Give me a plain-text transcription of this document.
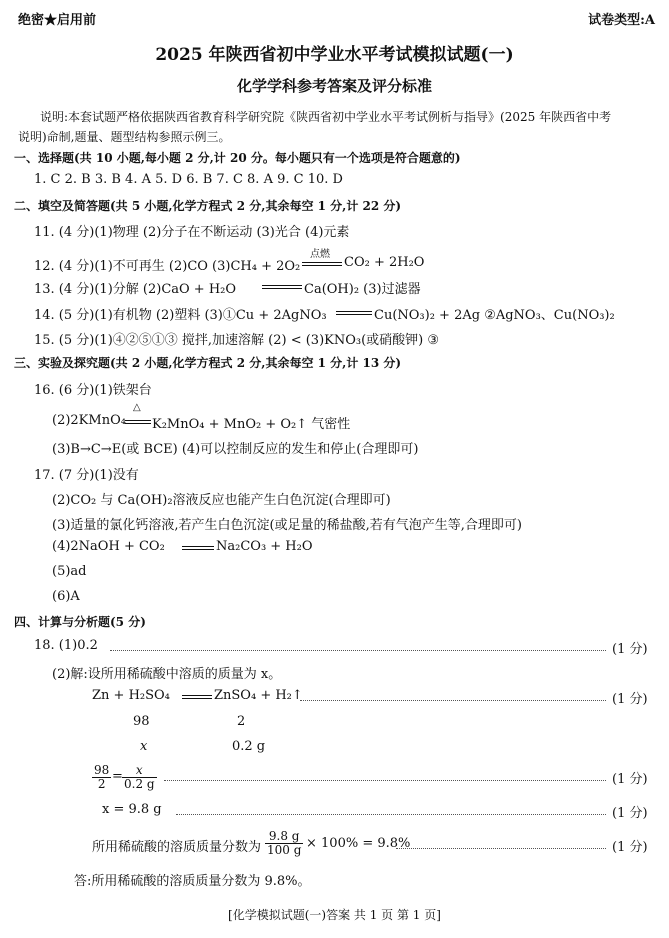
绝密★启用前	试卷类型:A
2025 年陕西省初中学业水平考试模拟试题(一)
化学学科参考答案及评分标准
说明:本套试题严格依据陕西省教育科学研究院《陕西省初中学业水平考试例析与指导》(2025 年陕西省中考
说明)命制,题量、题型结构参照示例三。
一、选择题(共 10 小题,每小题 2 分,计 20 分。每小题只有一个选项是符合题意的)
1. C 2. B 3. B 4. A 5. D 6. B 7. C 8. A 9. C 10. D
二、填空及简答题(共 5 小题,化学方程式 2 分,其余每空 1 分,计 22 分)
11. (4 分)(1)物理 (2)分子在不断运动 (3)光合 (4)元素
12. (4 分)(1)不可再生 (2)CO (3)CH₄ + 2O₂
点燃
CO₂ + 2H₂O
13. (4 分)(1)分解 (2)CaO + H₂O	Ca(OH)₂ (3)过滤器
14. (5 分)(1)有机物 (2)塑料 (3)①Cu + 2AgNO₃	Cu(NO₃)₂ + 2Ag ②AgNO₃、Cu(NO₃)₂
15. (5 分)(1)④②⑤①③ 搅拌,加速溶解 (2) < (3)KNO₃(或硝酸钾) ③
三、实验及探究题(共 2 小题,化学方程式 2 分,其余每空 1 分,计 13 分)
16. (6 分)(1)铁架台
(2)2KMnO₄
△
K₂MnO₄ + MnO₂ + O₂↑ 气密性
(3)B→C→E(或 BCE) (4)可以控制反应的发生和停止(合理即可)
17. (7 分)(1)没有
(2)CO₂ 与 Ca(OH)₂溶液反应也能产生白色沉淀(合理即可)
(3)适量的氯化钙溶液,若产生白色沉淀(或足量的稀盐酸,若有气泡产生等,合理即可)
(4)2NaOH + CO₂	Na₂CO₃ + H₂O
(5)ad
(6)A
四、计算与分析题(5 分)
18. (1)0.2	(1 分)
(2)解:设所用稀硫酸中溶质的质量为 x。
Zn + H₂SO₄	ZnSO₄ + H₂↑	(1 分)
98	2
x	0.2 g
$\frac{98}{2} = \frac{x}{0.2 g}$	(1 分)
x = 9.8 g	(1 分)
所用稀硫酸的溶质质量分数为 $\frac{9.8 g}{100 g} \times 100\% = 9.8\%$	(1 分)
答:所用稀硫酸的溶质质量分数为 9.8%。
[化学模拟试题(一)答案 共 1 页 第 1 页]
